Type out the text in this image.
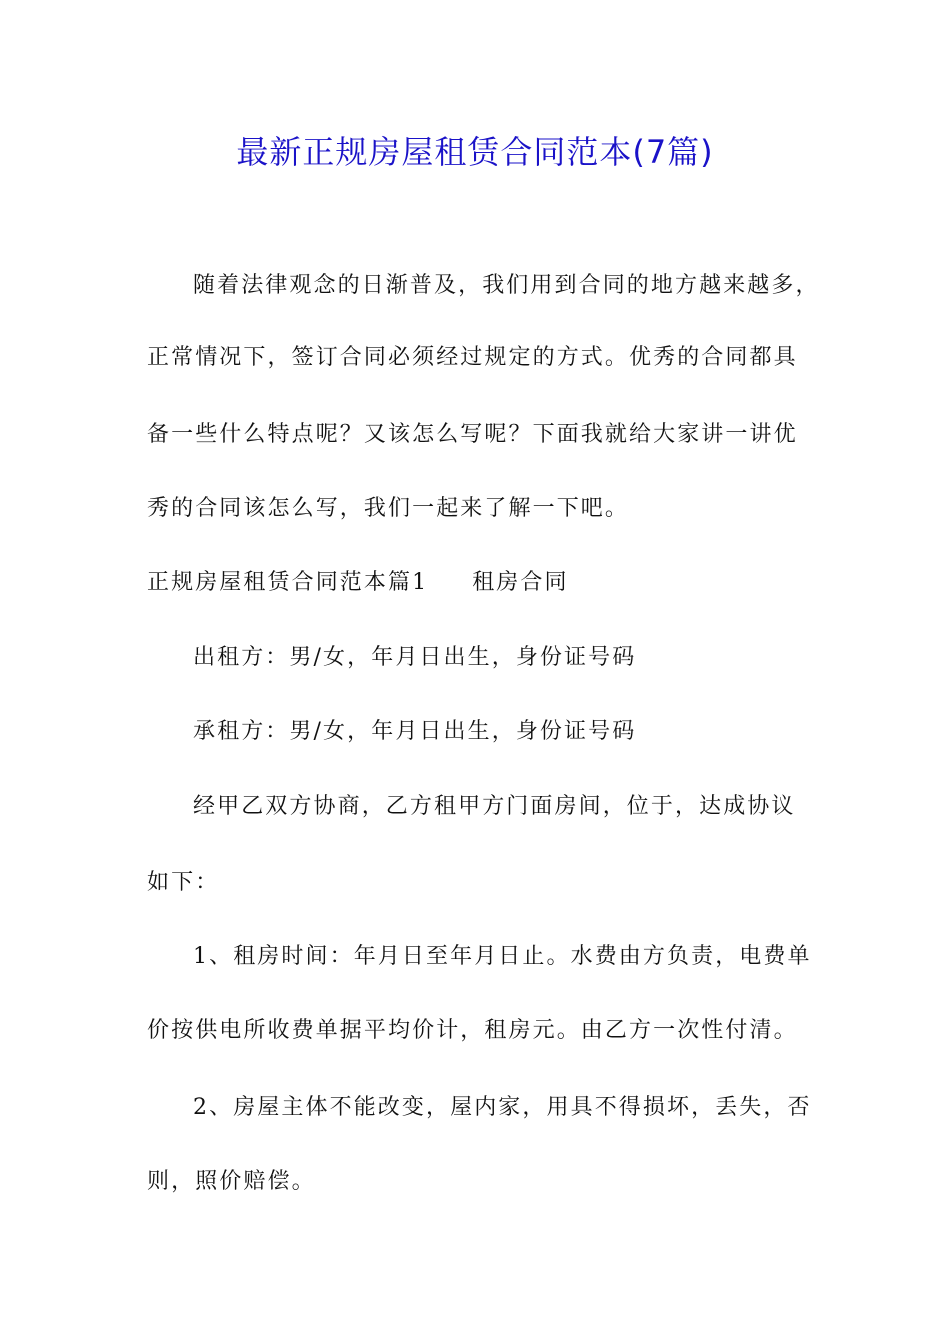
最新正规房屋租赁合同范本(7篇)
随着法律观念的日渐普及，我们用到合同的地方越来越多，
正常情况下，签订合同必须经过规定的方式。优秀的合同都具
备一些什么特点呢？又该怎么写呢？下面我就给大家讲一讲优
秀的合同该怎么写，我们一起来了解一下吧。
正规房屋租赁合同范本篇1 租房合同
出租方：男/女，年月日出生，身份证号码
承租方：男/女，年月日出生，身份证号码
经甲乙双方协商，乙方租甲方门面房间，位于，达成协议
如下：
1、租房时间：年月日至年月日止。水费由方负责，电费单
价按供电所收费单据平均价计，租房元。由乙方一次性付清。
2、房屋主体不能改变，屋内家，用具不得损坏，丢失，否
则，照价赔偿。
